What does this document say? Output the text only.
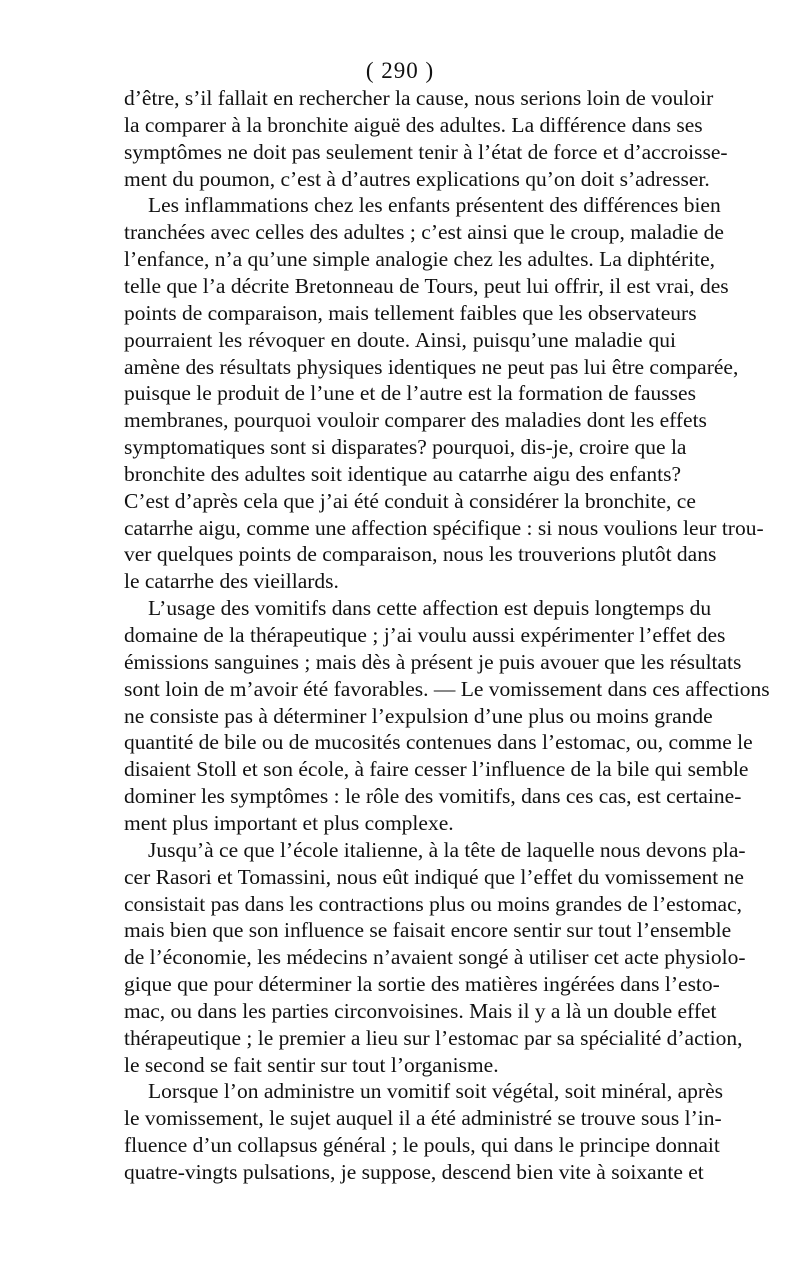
( 290 )
d’être, s’il fallait en rechercher la cause, nous serions loin de vouloir
la comparer à la bronchite aiguë des adultes. La différence dans ses
symptômes ne doit pas seulement tenir à l’état de force et d’accroisse-
ment du poumon, c’est à d’autres explications qu’on doit s’adresser.
Les inflammations chez les enfants présentent des différences bien
tranchées avec celles des adultes ; c’est ainsi que le croup, maladie de
l’enfance, n’a qu’une simple analogie chez les adultes. La diphtérite,
telle que l’a décrite Bretonneau de Tours, peut lui offrir, il est vrai, des
points de comparaison, mais tellement faibles que les observateurs
pourraient les révoquer en doute. Ainsi, puisqu’une maladie qui
amène des résultats physiques identiques ne peut pas lui être comparée,
puisque le produit de l’une et de l’autre est la formation de fausses
membranes, pourquoi vouloir comparer des maladies dont les effets
symptomatiques sont si disparates? pourquoi, dis-je, croire que la
bronchite des adultes soit identique au catarrhe aigu des enfants?
C’est d’après cela que j’ai été conduit à considérer la bronchite, ce
catarrhe aigu, comme une affection spécifique : si nous voulions leur trou-
ver quelques points de comparaison, nous les trouverions plutôt dans
le catarrhe des vieillards.
L’usage des vomitifs dans cette affection est depuis longtemps du
domaine de la thérapeutique ; j’ai voulu aussi expérimenter l’effet des
émissions sanguines ; mais dès à présent je puis avouer que les résultats
sont loin de m’avoir été favorables. — Le vomissement dans ces affections
ne consiste pas à déterminer l’expulsion d’une plus ou moins grande
quantité de bile ou de mucosités contenues dans l’estomac, ou, comme le
disaient Stoll et son école, à faire cesser l’influence de la bile qui semble
dominer les symptômes : le rôle des vomitifs, dans ces cas, est certaine-
ment plus important et plus complexe.
Jusqu’à ce que l’école italienne, à la tête de laquelle nous devons pla-
cer Rasori et Tomassini, nous eût indiqué que l’effet du vomissement ne
consistait pas dans les contractions plus ou moins grandes de l’estomac,
mais bien que son influence se faisait encore sentir sur tout l’ensemble
de l’économie, les médecins n’avaient songé à utiliser cet acte physiolo-
gique que pour déterminer la sortie des matières ingérées dans l’esto-
mac, ou dans les parties circonvoisines. Mais il y a là un double effet
thérapeutique ; le premier a lieu sur l’estomac par sa spécialité d’action,
le second se fait sentir sur tout l’organisme.
Lorsque l’on administre un vomitif soit végétal, soit minéral, après
le vomissement, le sujet auquel il a été administré se trouve sous l’in-
fluence d’un collapsus général ; le pouls, qui dans le principe donnait
quatre-vingts pulsations, je suppose, descend bien vite à soixante et
